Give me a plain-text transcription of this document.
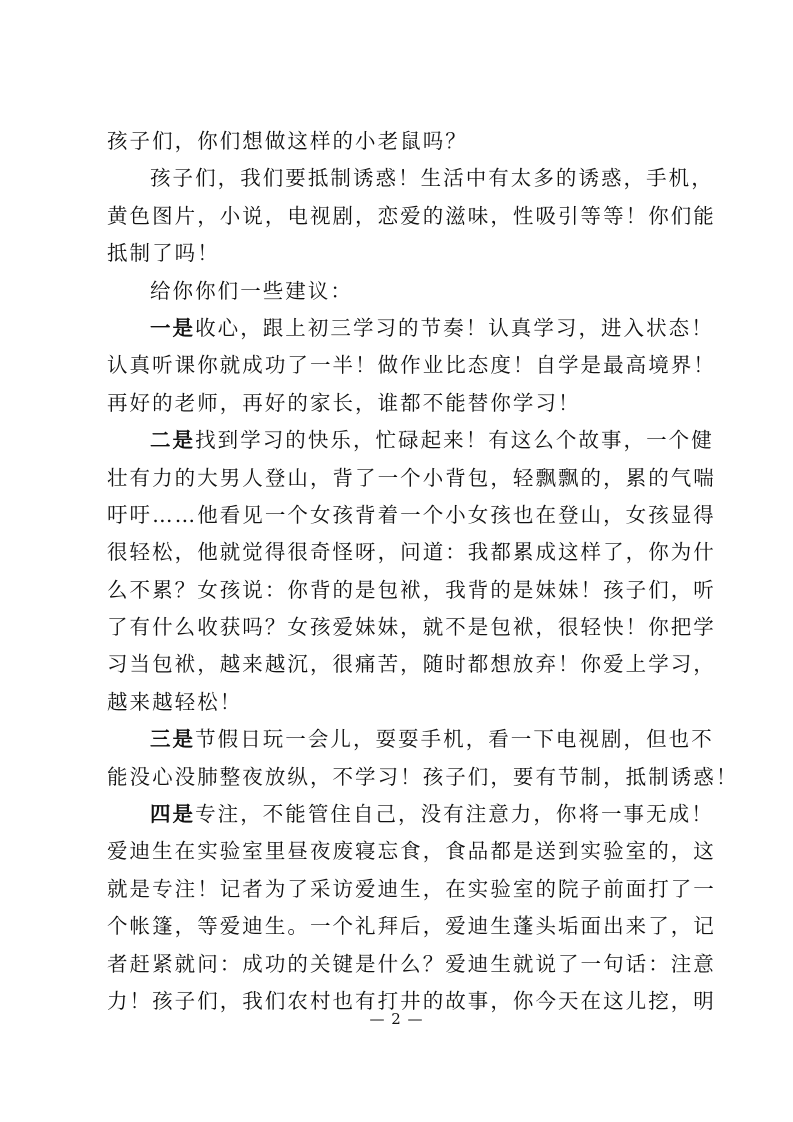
孩子们，你们想做这样的小老鼠吗？
孩子们，我们要抵制诱惑！生活中有太多的诱惑，手机，
黄色图片，小说，电视剧，恋爱的滋味，性吸引等等！你们能
抵制了吗！
给你你们一些建议：
一是收心，跟上初三学习的节奏！认真学习，进入状态！
认真听课你就成功了一半！做作业比态度！自学是最高境界！
再好的老师，再好的家长，谁都不能替你学习！
二是找到学习的快乐，忙碌起来！有这么个故事，一个健
壮有力的大男人登山，背了一个小背包，轻飘飘的，累的气喘
吁吁……他看见一个女孩背着一个小女孩也在登山，女孩显得
很轻松，他就觉得很奇怪呀，问道：我都累成这样了，你为什
么不累？女孩说：你背的是包袱，我背的是妹妹！孩子们，听
了有什么收获吗？女孩爱妹妹，就不是包袱，很轻快！你把学
习当包袱，越来越沉，很痛苦，随时都想放弃！你爱上学习，
越来越轻松！
三是节假日玩一会儿，耍耍手机，看一下电视剧，但也不
能没心没肺整夜放纵，不学习！孩子们，要有节制，抵制诱惑！
四是专注，不能管住自己，没有注意力，你将一事无成！
爱迪生在实验室里昼夜废寝忘食，食品都是送到实验室的，这
就是专注！记者为了采访爱迪生，在实验室的院子前面打了一
个帐篷，等爱迪生。一个礼拜后，爱迪生蓬头垢面出来了，记
者赶紧就问：成功的关键是什么？爱迪生就说了一句话：注意
力！孩子们，我们农村也有打井的故事，你今天在这儿挖，明
— 2 —
